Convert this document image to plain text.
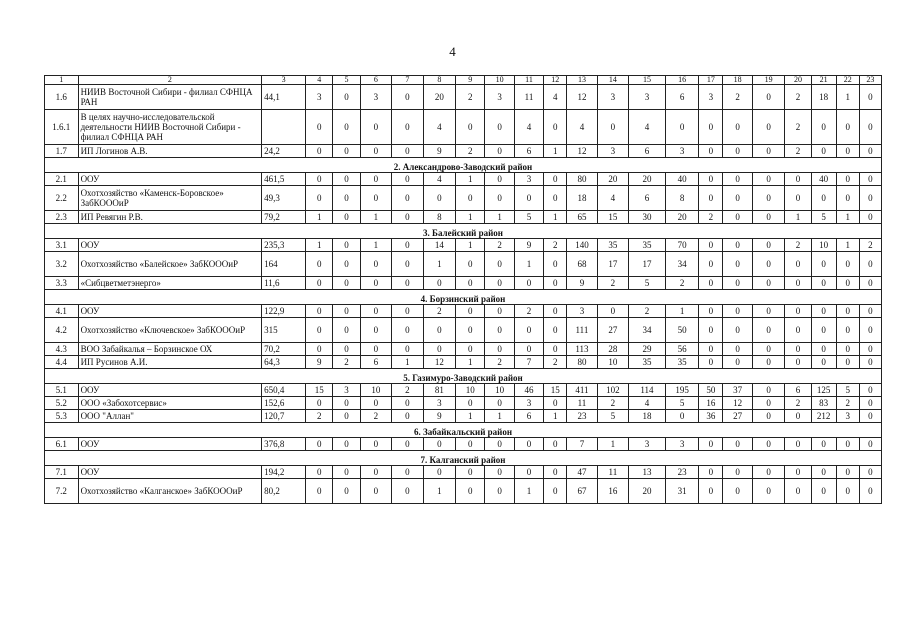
4
1	2	3	4	5	6	7	8	9	10	11	12	13	14	15	16	17	18	19	20	21	22	23
1.6	НИИВ Восточной Сибири - филиал СФНЦА РАН	44,1	3	0	3	0	20	2	3	11	4	12	3	3	6	3	2	0	2	18	1	0
1.6.1	В целях научно-исследовательской деятельности НИИВ Восточной Сибири - филиал СФНЦА РАН		0	0	0	0	4	0	0	4	0	4	0	4	0	0	0	0	2	0	0	0
1.7	ИП Логинов А.В.	24,2	0	0	0	0	9	2	0	6	1	12	3	6	3	0	0	0	2	0	0	0
2. Александрово-Заводский район																						
2.1	ООУ	461,5	0	0	0	0	4	1	0	3	0	80	20	20	40	0	0	0	0	40	0	0
2.2	Охотхозяйство «Каменск-Боровское» ЗабКОООиР	49,3	0	0	0	0	0	0	0	0	0	18	4	6	8	0	0	0	0	0	0	0
2.3	ИП Ревягин Р.В.	79,2	1	0	1	0	8	1	1	5	1	65	15	30	20	2	0	0	1	5	1	0
3. Балейский район																						
3.1	ООУ	235,3	1	0	1	0	14	1	2	9	2	140	35	35	70	0	0	0	2	10	1	2
3.2	Охотхозяйство «Балейское» ЗабКОООиР	164	0	0	0	0	1	0	0	1	0	68	17	17	34	0	0	0	0	0	0	0
3.3	«Сибцветметэнерго»	11,6	0	0	0	0	0	0	0	0	0	9	2	5	2	0	0	0	0	0	0	0
4. Борзинский район																						
4.1	ООУ	122,9	0	0	0	0	2	0	0	2	0	3	0	2	1	0	0	0	0	0	0	0
4.2	Охотхозяйство «Ключевское» ЗабКОООиР	315	0	0	0	0	0	0	0	0	0	111	27	34	50	0	0	0	0	0	0	0
4.3	ВОО Забайкалья – Борзинское ОХ	70,2	0	0	0	0	0	0	0	0	0	113	28	29	56	0	0	0	0	0	0	0
4.4	ИП Русинов А.И.	64,3	9	2	6	1	12	1	2	7	2	80	10	35	35	0	0	0	0	0	0	0
5. Газимуро-Заводский район																						
5.1	ООУ	650,4	15	3	10	2	81	10	10	46	15	411	102	114	195	50	37	0	6	125	5	0
5.2	ООО «Забохотсервис»	152,6	0	0	0	0	3	0	0	3	0	11	2	4	5	16	12	0	2	83	2	0
5.3	ООО "Аллан"	120,7	2	0	2	0	9	1	1	6	1	23	5	18	0	36	27	0	0	212	3	0
6. Забайкальский район																						
6.1	ООУ	376,8	0	0	0	0	0	0	0	0	0	7	1	3	3	0	0	0	0	0	0	0
7. Калганский район																						
7.1	ООУ	194,2	0	0	0	0	0	0	0	0	0	47	11	13	23	0	0	0	0	0	0	0
7.2	Охотхозяйство «Калганское» ЗабКОООиР	80,2	0	0	0	0	1	0	0	1	0	67	16	20	31	0	0	0	0	0	0	0
